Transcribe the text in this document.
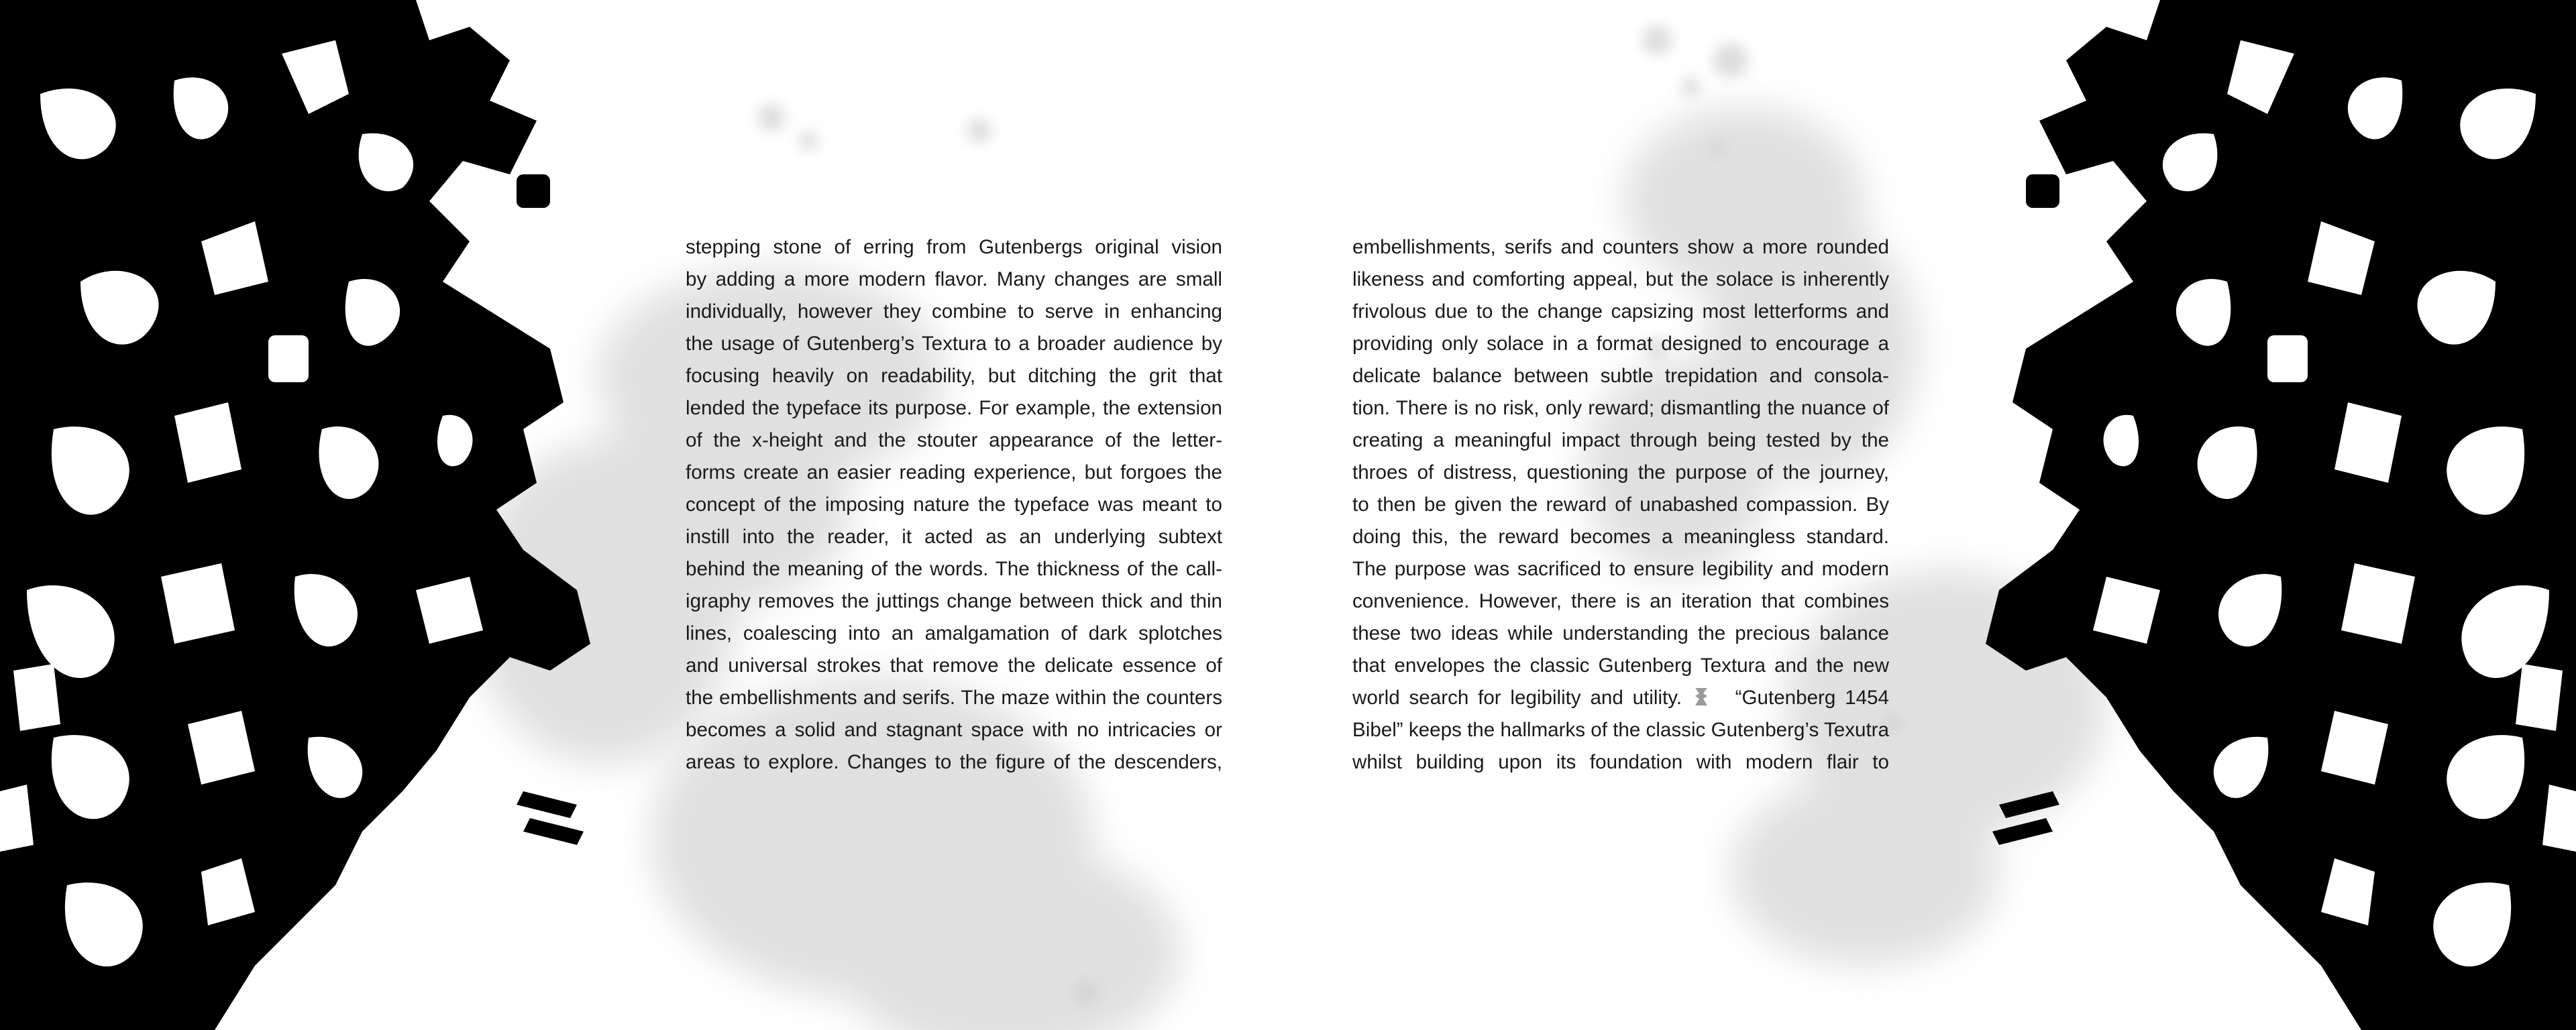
stepping stone of erring from Gutenbergs original vision
by adding a more modern flavor. Many changes are small
individually, however they combine to serve in enhancing
the usage of Gutenberg’s Textura to a broader audience by
focusing heavily on readability, but ditching the grit that
lended the typeface its purpose. For example, the extension
of the x-height and the stouter appearance of the letter-
forms create an easier reading experience, but forgoes the
concept of the imposing nature the typeface was meant to
instill into the reader, it acted as an underlying subtext
behind the meaning of the words. The thickness of the call-
igraphy removes the juttings change between thick and thin
lines, coalescing into an amalgamation of dark splotches
and universal strokes that remove the delicate essence of
the embellishments and serifs. The maze within the counters
becomes a solid and stagnant space with no intricacies or
areas to explore. Changes to the figure of the descenders,
embellishments, serifs and counters show a more rounded
likeness and comforting appeal, but the solace is inherently
frivolous due to the change capsizing most letterforms and
providing only solace in a format designed to encourage a
delicate balance between subtle trepidation and consola-
tion. There is no risk, only reward; dismantling the nuance of
creating a meaningful impact through being tested by the
throes of distress, questioning the purpose of the journey,
to then be given the reward of unabashed compassion. By
doing this, the reward becomes a meaningless standard.
The purpose was sacrificed to ensure legibility and modern
convenience. However, there is an iteration that combines
these two ideas while understanding the precious balance
that envelopes the classic Gutenberg Textura and the new
world search for legibility and utility.	“Gutenberg 1454
Bibel” keeps the hallmarks of the classic Gutenberg’s Texutra
whilst building upon its foundation with modern flair to
